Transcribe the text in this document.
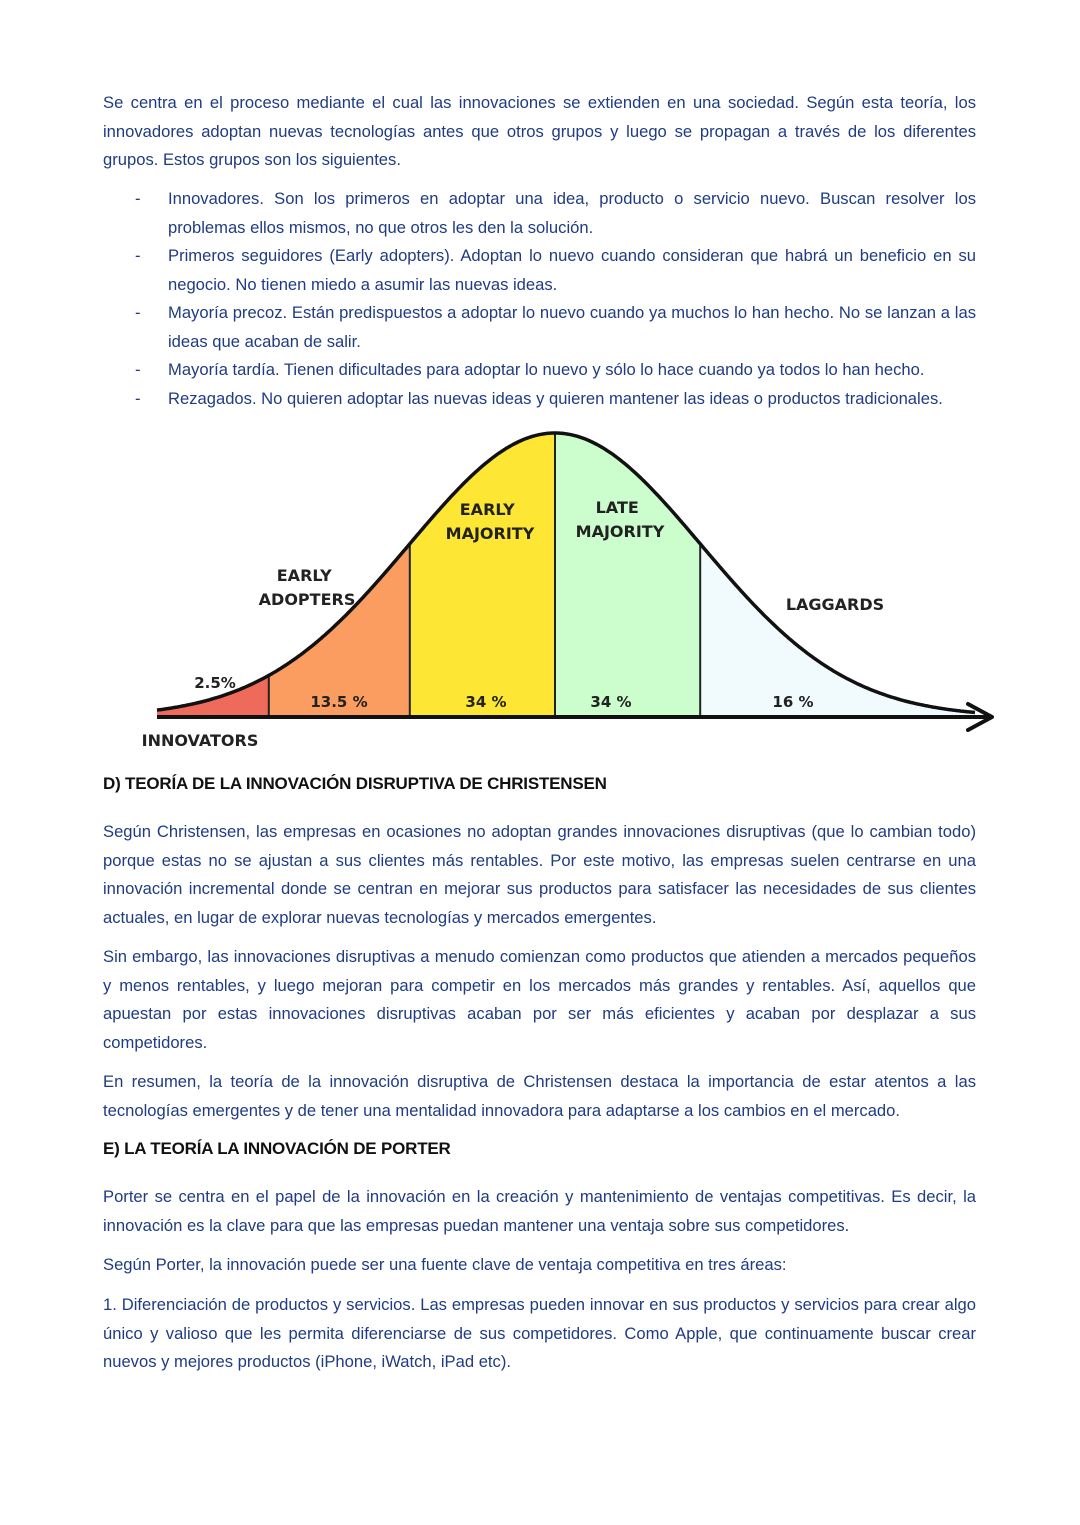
Se centra en el proceso mediante el cual las innovaciones se extienden en una sociedad. Según esta teoría, los innovadores adoptan nuevas tecnologías antes que otros grupos y luego se propagan a través de los diferentes grupos. Estos grupos son los siguientes.

- Innovadores. Son los primeros en adoptar una idea, producto o servicio nuevo. Buscan resolver los problemas ellos mismos, no que otros les den la solución.
- Primeros seguidores (Early adopters). Adoptan lo nuevo cuando consideran que habrá un beneficio en su negocio. No tienen miedo a asumir las nuevas ideas.
- Mayoría precoz. Están predispuestos a adoptar lo nuevo cuando ya muchos lo han hecho. No se lanzan a las ideas que acaban de salir.
- Mayoría tardía. Tienen dificultades para adoptar lo nuevo y sólo lo hace cuando ya todos lo han hecho.
- Rezagados. No quieren adoptar las nuevas ideas y quieren mantener las ideas o productos tradicionales.
INNOVATORS
EARLY ADOPTERS
EARLY MAJORITY
LATE MAJORITY
LAGGARDS
2.5%
13.5 %	34 %	34 %	16 %

D) TEORÍA DE LA INNOVACIÓN DISRUPTIVA DE CHRISTENSEN

Según Christensen, las empresas en ocasiones no adoptan grandes innovaciones disruptivas (que lo cambian todo) porque estas no se ajustan a sus clientes más rentables. Por este motivo, las empresas suelen centrarse en una innovación incremental donde se centran en mejorar sus productos para satisfacer las necesidades de sus clientes actuales, en lugar de explorar nuevas tecnologías y mercados emergentes.

Sin embargo, las innovaciones disruptivas a menudo comienzan como productos que atienden a mercados pequeños y menos rentables, y luego mejoran para competir en los mercados más grandes y rentables. Así, aquellos que apuestan por estas innovaciones disruptivas acaban por ser más eficientes y acaban por desplazar a sus competidores.

En resumen, la teoría de la innovación disruptiva de Christensen destaca la importancia de estar atentos a las tecnologías emergentes y de tener una mentalidad innovadora para adaptarse a los cambios en el mercado.

E) LA TEORÍA LA INNOVACIÓN DE PORTER

Porter se centra en el papel de la innovación en la creación y mantenimiento de ventajas competitivas. Es decir, la innovación es la clave para que las empresas puedan mantener una ventaja sobre sus competidores.

Según Porter, la innovación puede ser una fuente clave de ventaja competitiva en tres áreas:

1. Diferenciación de productos y servicios. Las empresas pueden innovar en sus productos y servicios para crear algo único y valioso que les permita diferenciarse de sus competidores. Como Apple, que continuamente buscar crear nuevos y mejores productos (iPhone, iWatch, iPad etc).
